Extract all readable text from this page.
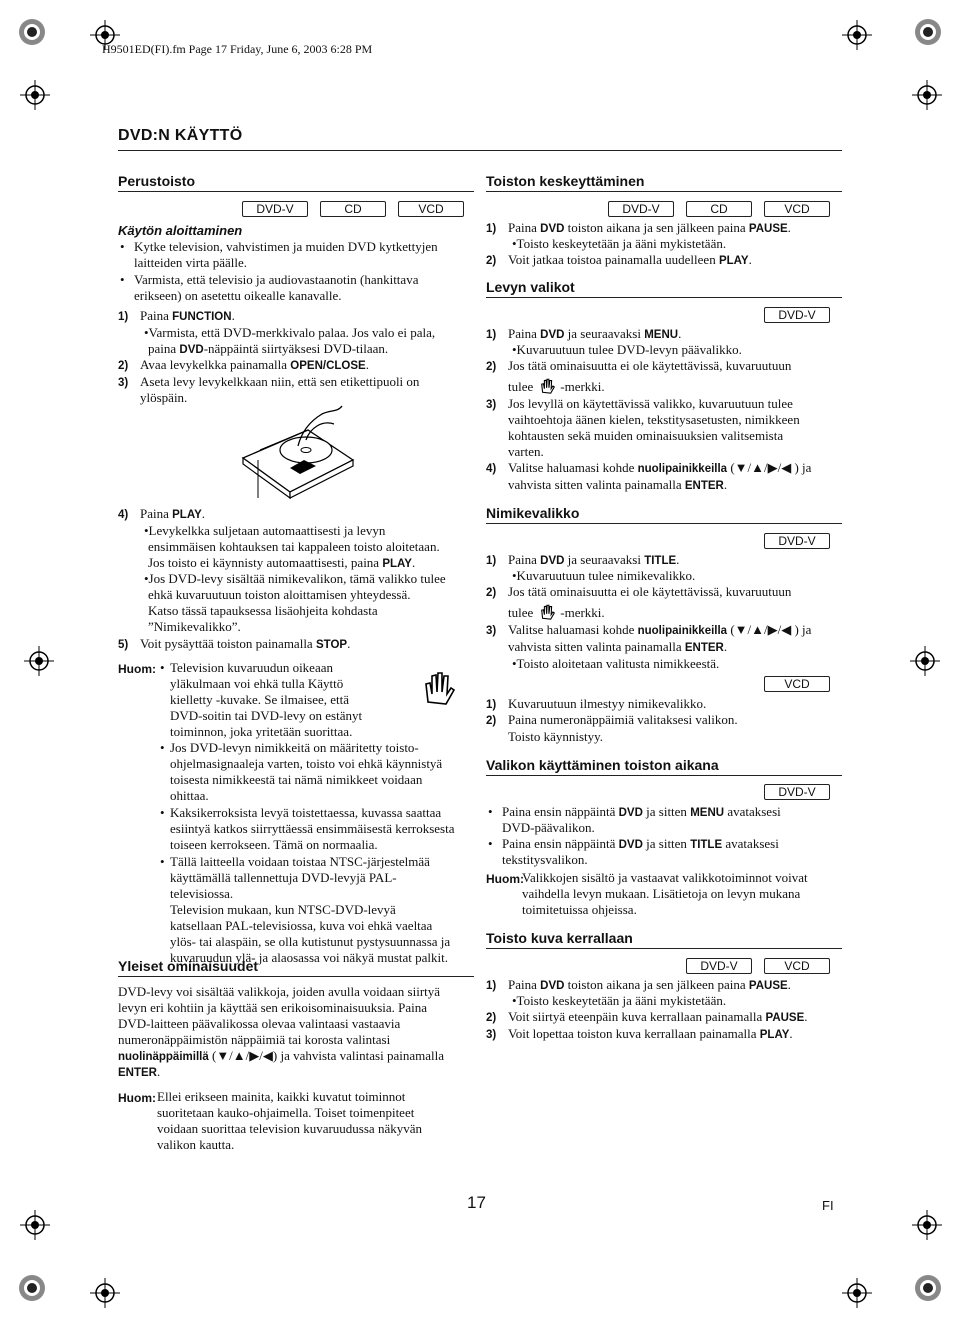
H9501ED(FI).fm Page 17 Friday, June 6, 2003 6:28 PM
DVD:N KÄYTTÖ
Perustoisto
DVD-V	CD	VCD
Käytön aloittaminen
• Kytke television, vahvistimen ja muiden DVD kytkettyjen
laitteiden virta päälle.
• Varmista, että televisio ja audiovastaanotin (hankittava
erikseen) on asetettu oikealle kanavalle.
1) Paina FUNCTION.
•Varmista, että DVD-merkkivalo palaa. Jos valo ei pala,
paina DVD-näppäintä siirtyäksesi DVD-tilaan.
2) Avaa levykelkka painamalla OPEN/CLOSE.
3) Aseta levy levykelkkaan niin, että sen etikettipuoli on
ylöspäin.
4) Paina PLAY.
•Levykelkka suljetaan automaattisesti ja levyn
ensimmäisen kohtauksen tai kappaleen toisto aloitetaan.
Jos toisto ei käynnisty automaattisesti, paina PLAY.
•Jos DVD-levy sisältää nimikevalikon, tämä valikko tulee
ehkä kuvaruutuun toiston aloittamisen yhteydessä.
Katso tässä tapauksessa lisäohjeita kohdasta
”Nimikevalikko”.
5) Voit pysäyttää toiston painamalla STOP.
Huom: • Television kuvaruudun oikeaan
yläkulmaan voi ehkä tulla Käyttö
kielletty -kuvake. Se ilmaisee, että
DVD-soitin tai DVD-levy on estänyt
toiminnon, joka yritetään suorittaa.
• Jos DVD-levyn nimikkeitä on määritetty toisto-
ohjelmasignaaleja varten, toisto voi ehkä käynnistyä
toisesta nimikkeestä tai nämä nimikkeet voidaan
ohittaa.
• Kaksikerroksista levyä toistettaessa, kuvassa saattaa
esiintyä katkos siirryttäessä ensimmäisestä kerroksesta
toiseen kerrokseen. Tämä on normaalia.
• Tällä laitteella voidaan toistaa NTSC-järjestelmää
käyttämällä tallennettuja DVD-levyjä PAL-
televisiossa.
Television mukaan, kun NTSC-DVD-levyä
katsellaan PAL-televisiossa, kuva voi ehkä vaeltaa
ylös- tai alaspäin, se olla kutistunut pystysuunnassa ja
kuvaruudun ylä- ja alaosassa voi näkyä mustat palkit.
Yleiset ominaisuudet
DVD-levy voi sisältää valikkoja, joiden avulla voidaan siirtyä
levyn eri kohtiin ja käyttää sen erikoisominaisuuksia. Paina
DVD-laitteen päävalikossa olevaa valintaasi vastaavia
numeronäppäimistön näppäimiä tai korosta valintasi
nuolinäppäimillä (▼/▲/▶/◀) ja vahvista valintasi painamalla
ENTER.
Huom: Ellei erikseen mainita, kaikki kuvatut toiminnot
suoritetaan kauko-ohjaimella. Toiset toimenpiteet
voidaan suorittaa television kuvaruudussa näkyvän
valikon kautta.
Toiston keskeyttäminen
DVD-V	CD	VCD
1) Paina DVD toiston aikana ja sen jälkeen paina PAUSE.
•Toisto keskeytetään ja ääni mykistetään.
2) Voit jatkaa toistoa painamalla uudelleen PLAY.
Levyn valikot
DVD-V
1) Paina DVD ja seuraavaksi MENU.
•Kuvaruutuun tulee DVD-levyn päävalikko.
2) Jos tätä ominaisuutta ei ole käytettävissä, kuvaruutuun
tulee -merkki.
3) Jos levyllä on käytettävissä valikko, kuvaruutuun tulee
vaihtoehtoja äänen kielen, tekstitysasetusten, nimikkeen
kohtausten sekä muiden ominaisuuksien valitsemista
varten.
4) Valitse haluamasi kohde nuolipainikkeilla (▼/▲/▶/◀ ) ja
vahvista sitten valinta painamalla ENTER.
Nimikevalikko
DVD-V
1) Paina DVD ja seuraavaksi TITLE.
•Kuvaruutuun tulee nimikevalikko.
2) Jos tätä ominaisuutta ei ole käytettävissä, kuvaruutuun
tulee -merkki.
3) Valitse haluamasi kohde nuolipainikkeilla (▼/▲/▶/◀ ) ja
vahvista sitten valinta painamalla ENTER.
•Toisto aloitetaan valitusta nimikkeestä.
VCD
1) Kuvaruutuun ilmestyy nimikevalikko.
2) Paina numeronäppäimiä valitaksesi valikon.
Toisto käynnistyy.
Valikon käyttäminen toiston aikana
DVD-V
• Paina ensin näppäintä DVD ja sitten MENU avataksesi
DVD-päävalikon.
• Paina ensin näppäintä DVD ja sitten TITLE avataksesi
tekstitysvalikon.
Huom:
Valikkojen sisältö ja vastaavat valikkotoiminnot voivat
vaihdella levyn mukaan. Lisätietoja on levyn mukana
toimitetuissa ohjeissa.
Toisto kuva kerrallaan
DVD-V	VCD
1) Paina DVD toiston aikana ja sen jälkeen paina PAUSE.
•Toisto keskeytetään ja ääni mykistetään.
2) Voit siirtyä eteenpäin kuva kerrallaan painamalla PAUSE.
3) Voit lopettaa toiston kuva kerrallaan painamalla PLAY.
17	FI
